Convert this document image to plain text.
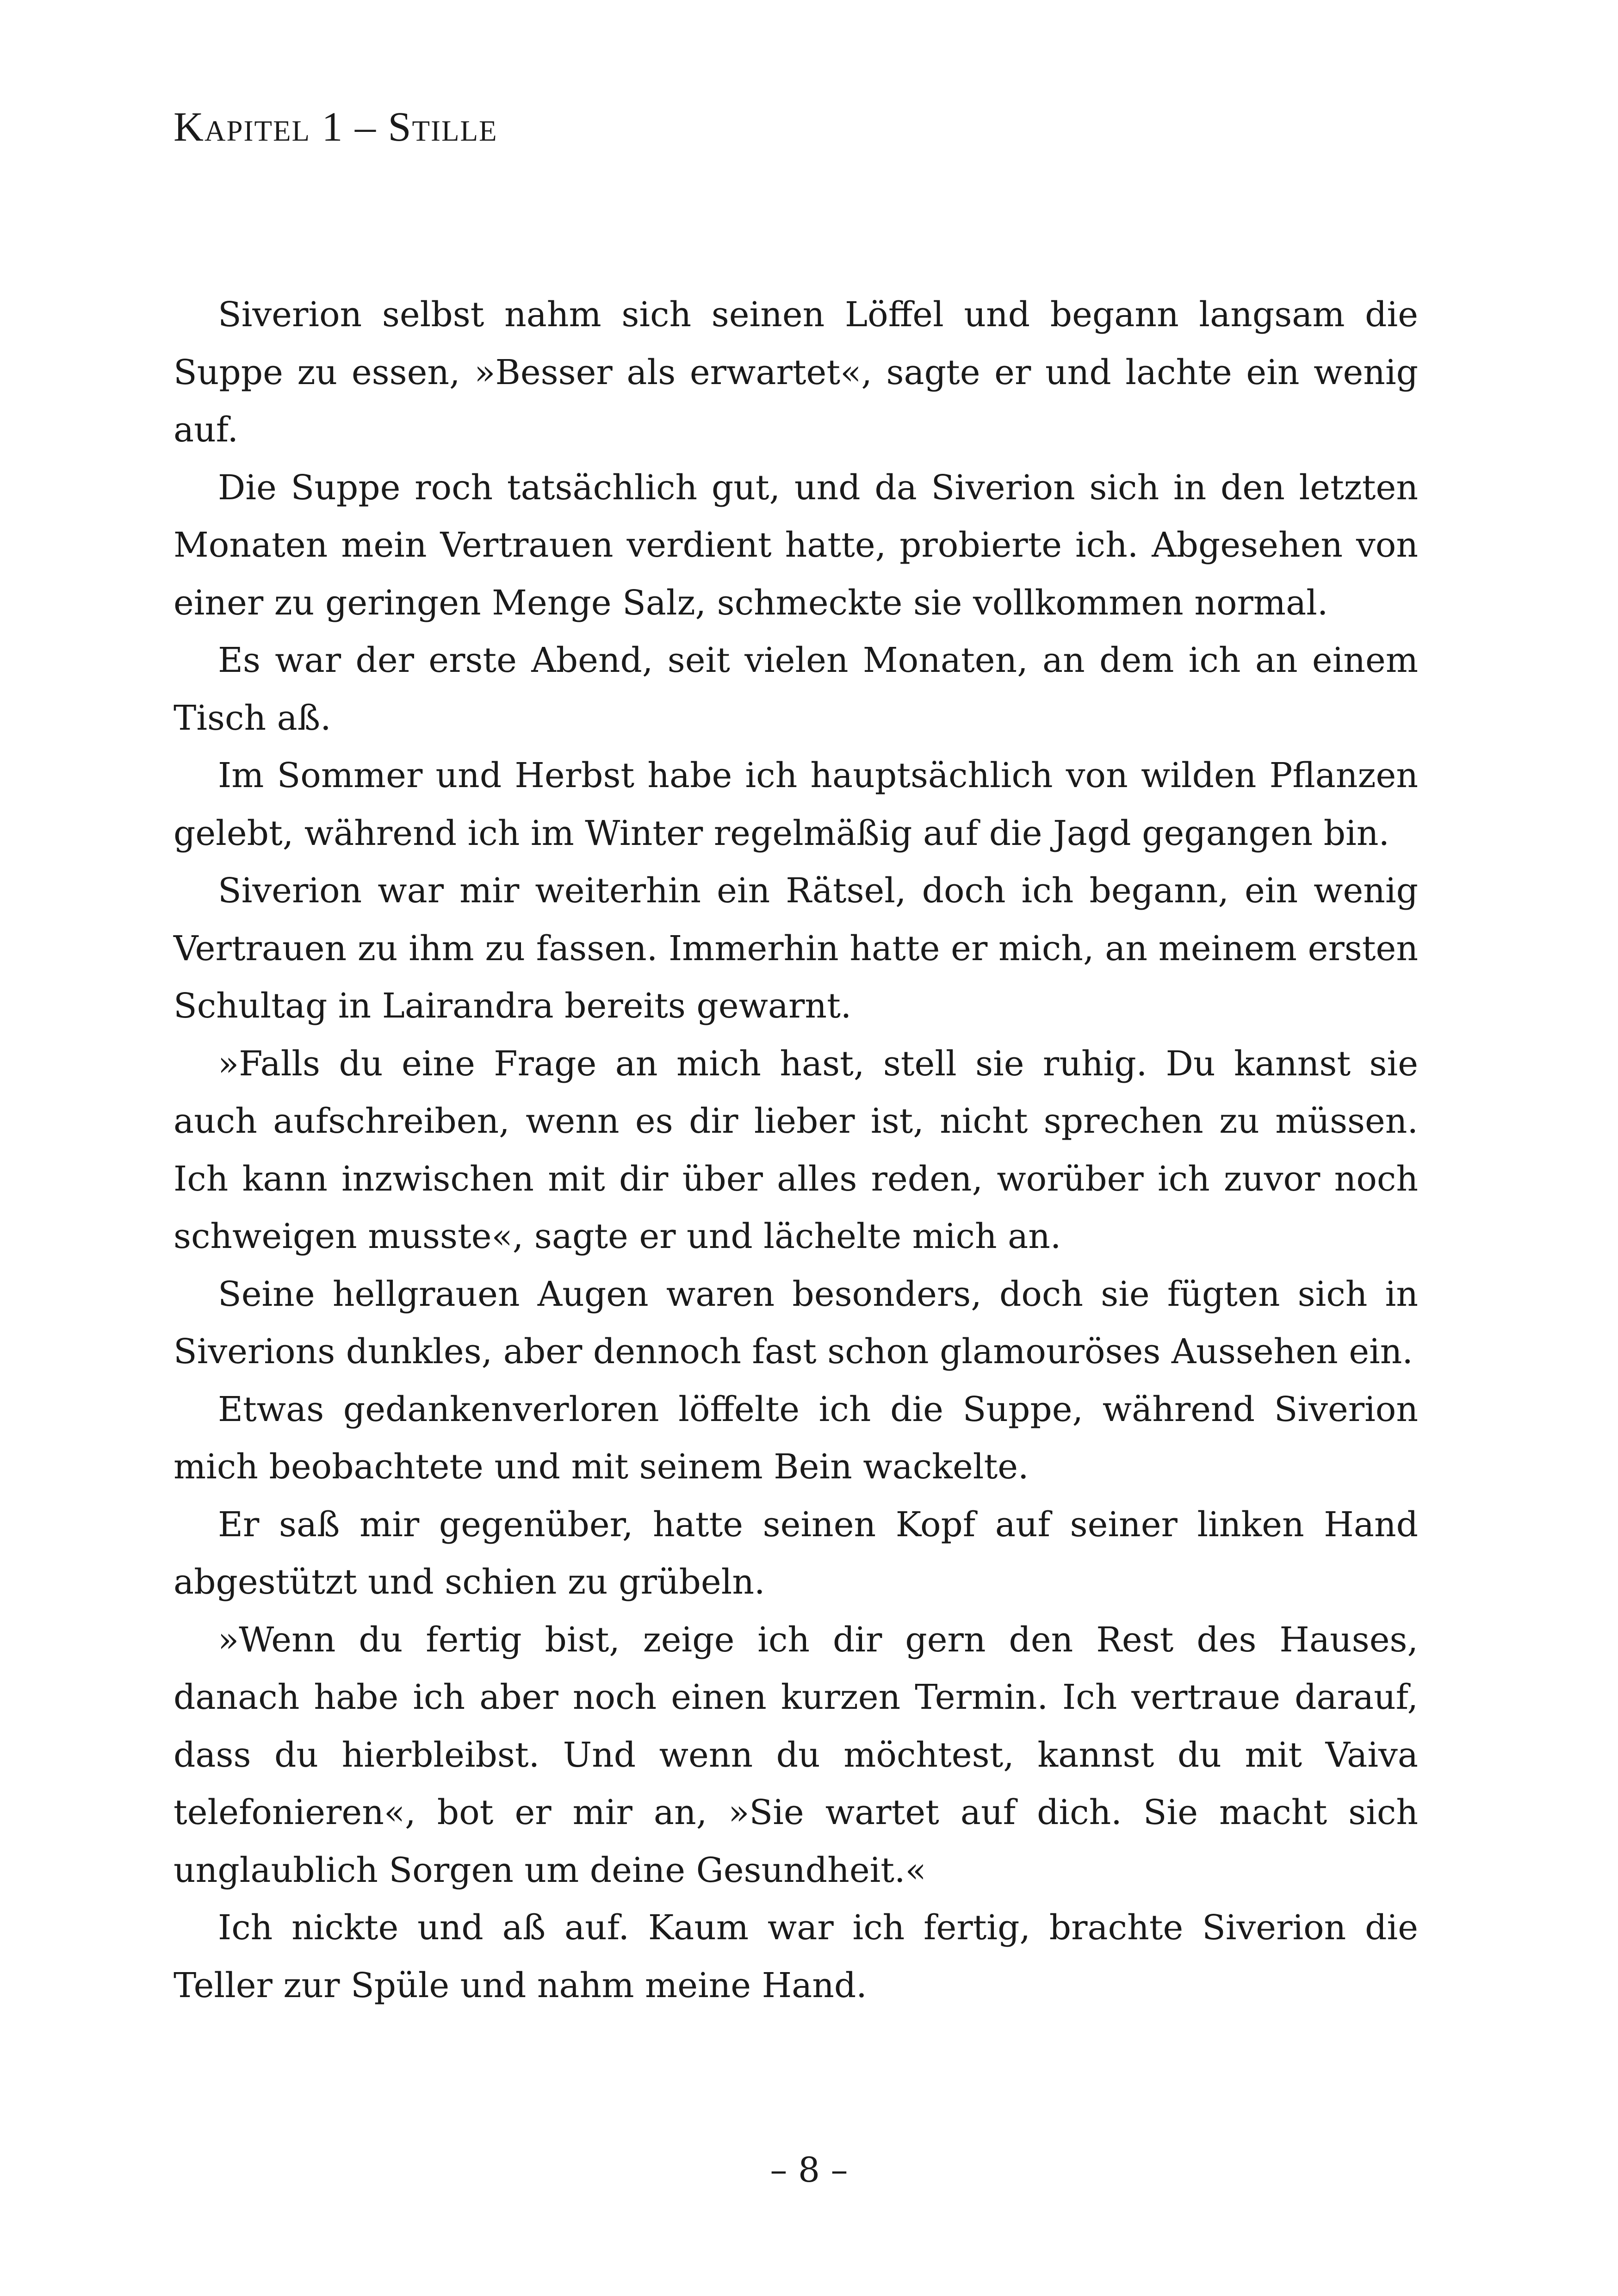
Kapitel 1 – Stille

Siverion selbst nahm sich seinen Löffel und begann langsam die Suppe zu essen, »Besser als erwartet«, sagte er und lachte ein wenig auf.

Die Suppe roch tatsächlich gut, und da Siverion sich in den letzten Monaten mein Vertrauen verdient hatte, probierte ich. Abgesehen von einer zu geringen Menge Salz, schmeckte sie vollkommen normal.

Es war der erste Abend, seit vielen Monaten, an dem ich an einem Tisch aß.

Im Sommer und Herbst habe ich hauptsächlich von wilden Pflanzen gelebt, während ich im Winter regelmäßig auf die Jagd gegangen bin.

Siverion war mir weiterhin ein Rätsel, doch ich begann, ein wenig Vertrauen zu ihm zu fassen. Immerhin hatte er mich, an meinem ersten Schultag in Lairandra bereits gewarnt.

»Falls du eine Frage an mich hast, stell sie ruhig. Du kannst sie auch aufschreiben, wenn es dir lieber ist, nicht sprechen zu müssen. Ich kann inzwischen mit dir über alles reden, worüber ich zuvor noch schweigen musste«, sagte er und lächelte mich an.

Seine hellgrauen Augen waren besonders, doch sie fügten sich in Siverions dunkles, aber dennoch fast schon glamouröses Aussehen ein.

Etwas gedankenverloren löffelte ich die Suppe, während Siverion mich beobachtete und mit seinem Bein wackelte.

Er saß mir gegenüber, hatte seinen Kopf auf seiner linken Hand abgestützt und schien zu grübeln.

»Wenn du fertig bist, zeige ich dir gern den Rest des Hauses, danach habe ich aber noch einen kurzen Termin. Ich vertraue darauf, dass du hierbleibst. Und wenn du möchtest, kannst du mit Vaiva telefonieren«, bot er mir an, »Sie wartet auf dich. Sie macht sich unglaublich Sorgen um deine Gesundheit.«

Ich nickte und aß auf. Kaum war ich fertig, brachte Siverion die Teller zur Spüle und nahm meine Hand.

– 8 –
